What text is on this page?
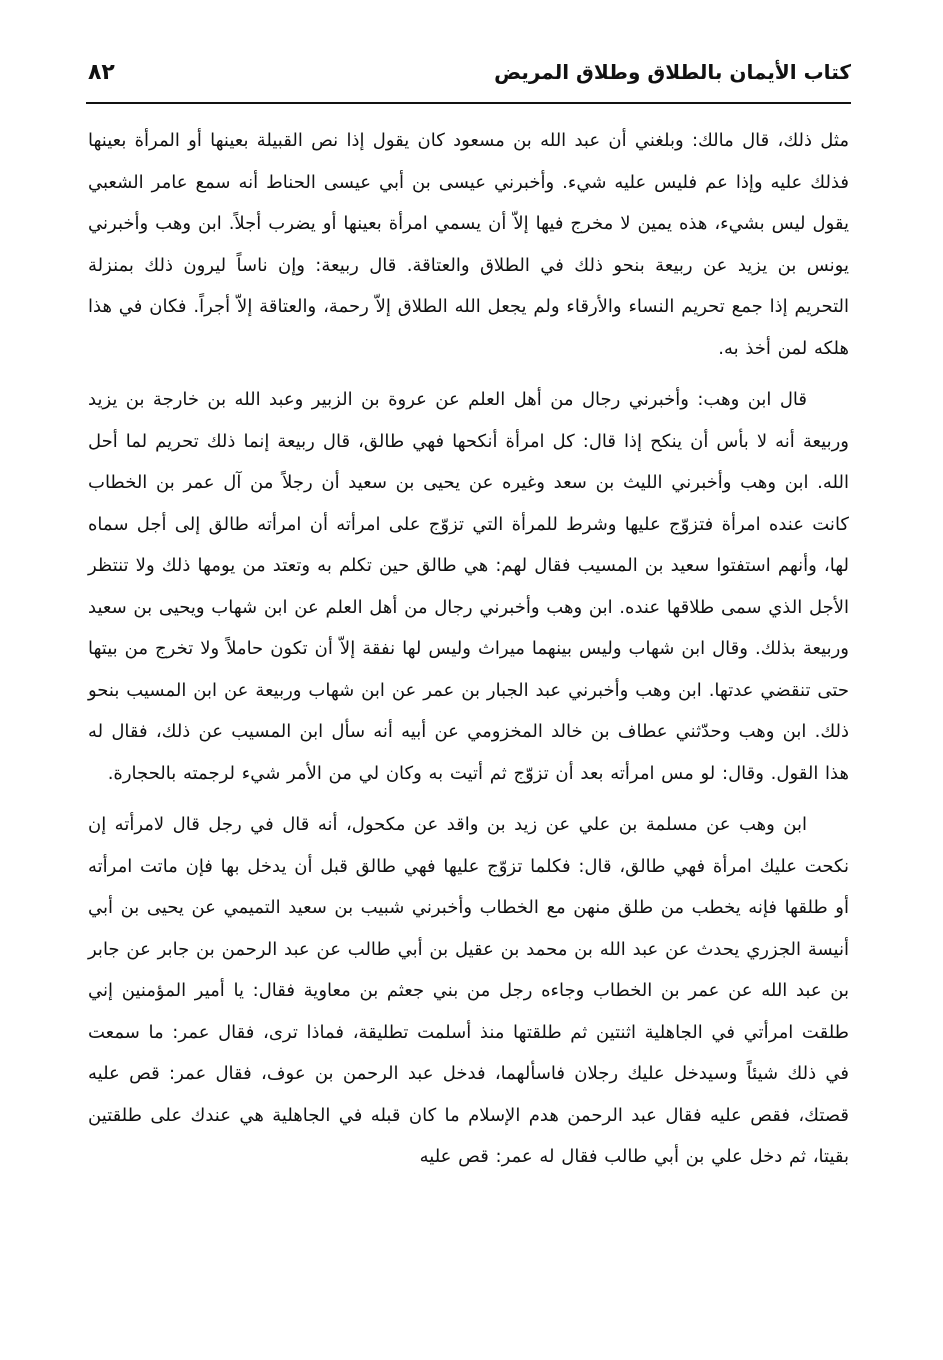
كتاب الأيمان بالطلاق وطلاق المريض
٨٢

مثل ذلك، قال مالك: وبلغني أن عبد الله بن مسعود كان يقول إذا نص القبيلة بعينها أو المرأة بعينها فذلك عليه وإذا عم فليس عليه شيء. وأخبرني عيسى بن أبي عيسى الحناط أنه سمع عامر الشعبي يقول ليس بشيء، هذه يمين لا مخرج فيها إلاّ أن يسمي امرأة بعينها أو يضرب أجلاً. ابن وهب وأخبرني يونس بن يزيد عن ربيعة بنحو ذلك في الطلاق والعتاقة. قال ربيعة: وإن ناساً ليرون ذلك بمنزلة التحريم إذا جمع تحريم النساء والأرقاء ولم يجعل الله الطلاق إلاّ رحمة، والعتاقة إلاّ أجراً. فكان في هذا هلكه لمن أخذ به.

قال ابن وهب: وأخبرني رجال من أهل العلم عن عروة بن الزبير وعبد الله بن خارجة بن يزيد وربيعة أنه لا بأس أن ينكح إذا قال: كل امرأة أنكحها فهي طالق، قال ربيعة إنما ذلك تحريم لما أحل الله. ابن وهب وأخبرني الليث بن سعد وغيره عن يحيى بن سعيد أن رجلاً من آل عمر بن الخطاب كانت عنده امرأة فتزوّج عليها وشرط للمرأة التي تزوّج على امرأته أن امرأته طالق إلى أجل سماه لها، وأنهم استفتوا سعيد بن المسيب فقال لهم: هي طالق حين تكلم به وتعتد من يومها ذلك ولا تنتظر الأجل الذي سمى طلاقها عنده. ابن وهب وأخبرني رجال من أهل العلم عن ابن شهاب ويحيى بن سعيد وربيعة بذلك. وقال ابن شهاب وليس بينهما ميراث وليس لها نفقة إلاّ أن تكون حاملاً ولا تخرج من بيتها حتى تنقضي عدتها. ابن وهب وأخبرني عبد الجبار بن عمر عن ابن شهاب وربيعة عن ابن المسيب بنحو ذلك. ابن وهب وحدّثني عطاف بن خالد المخزومي عن أبيه أنه سأل ابن المسيب عن ذلك، فقال له هذا القول. وقال: لو مس امرأته بعد أن تزوّج ثم أتيت به وكان لي من الأمر شيء لرجمته بالحجارة.

ابن وهب عن مسلمة بن علي عن زيد بن واقد عن مكحول، أنه قال في رجل قال لامرأته إن نكحت عليك امرأة فهي طالق، قال: فكلما تزوّج عليها فهي طالق قبل أن يدخل بها فإن ماتت امرأته أو طلقها فإنه يخطب من طلق منهن مع الخطاب وأخبرني شبيب بن سعيد التميمي عن يحيى بن أبي أنيسة الجزري يحدث عن عبد الله بن محمد بن عقيل بن أبي طالب عن عبد الرحمن بن جابر عن جابر بن عبد الله عن عمر بن الخطاب وجاءه رجل من بني جعثم بن معاوية فقال: يا أمير المؤمنين إني طلقت امرأتي في الجاهلية اثنتين ثم طلقتها منذ أسلمت تطليقة، فماذا ترى، فقال عمر: ما سمعت في ذلك شيئاً وسيدخل عليك رجلان فاسألهما، فدخل عبد الرحمن بن عوف، فقال عمر: قص عليه قصتك، فقص عليه فقال عبد الرحمن هدم الإسلام ما كان قبله في الجاهلية هي عندك على طلقتين بقيتا، ثم دخل علي بن أبي طالب فقال له عمر: قص عليه
